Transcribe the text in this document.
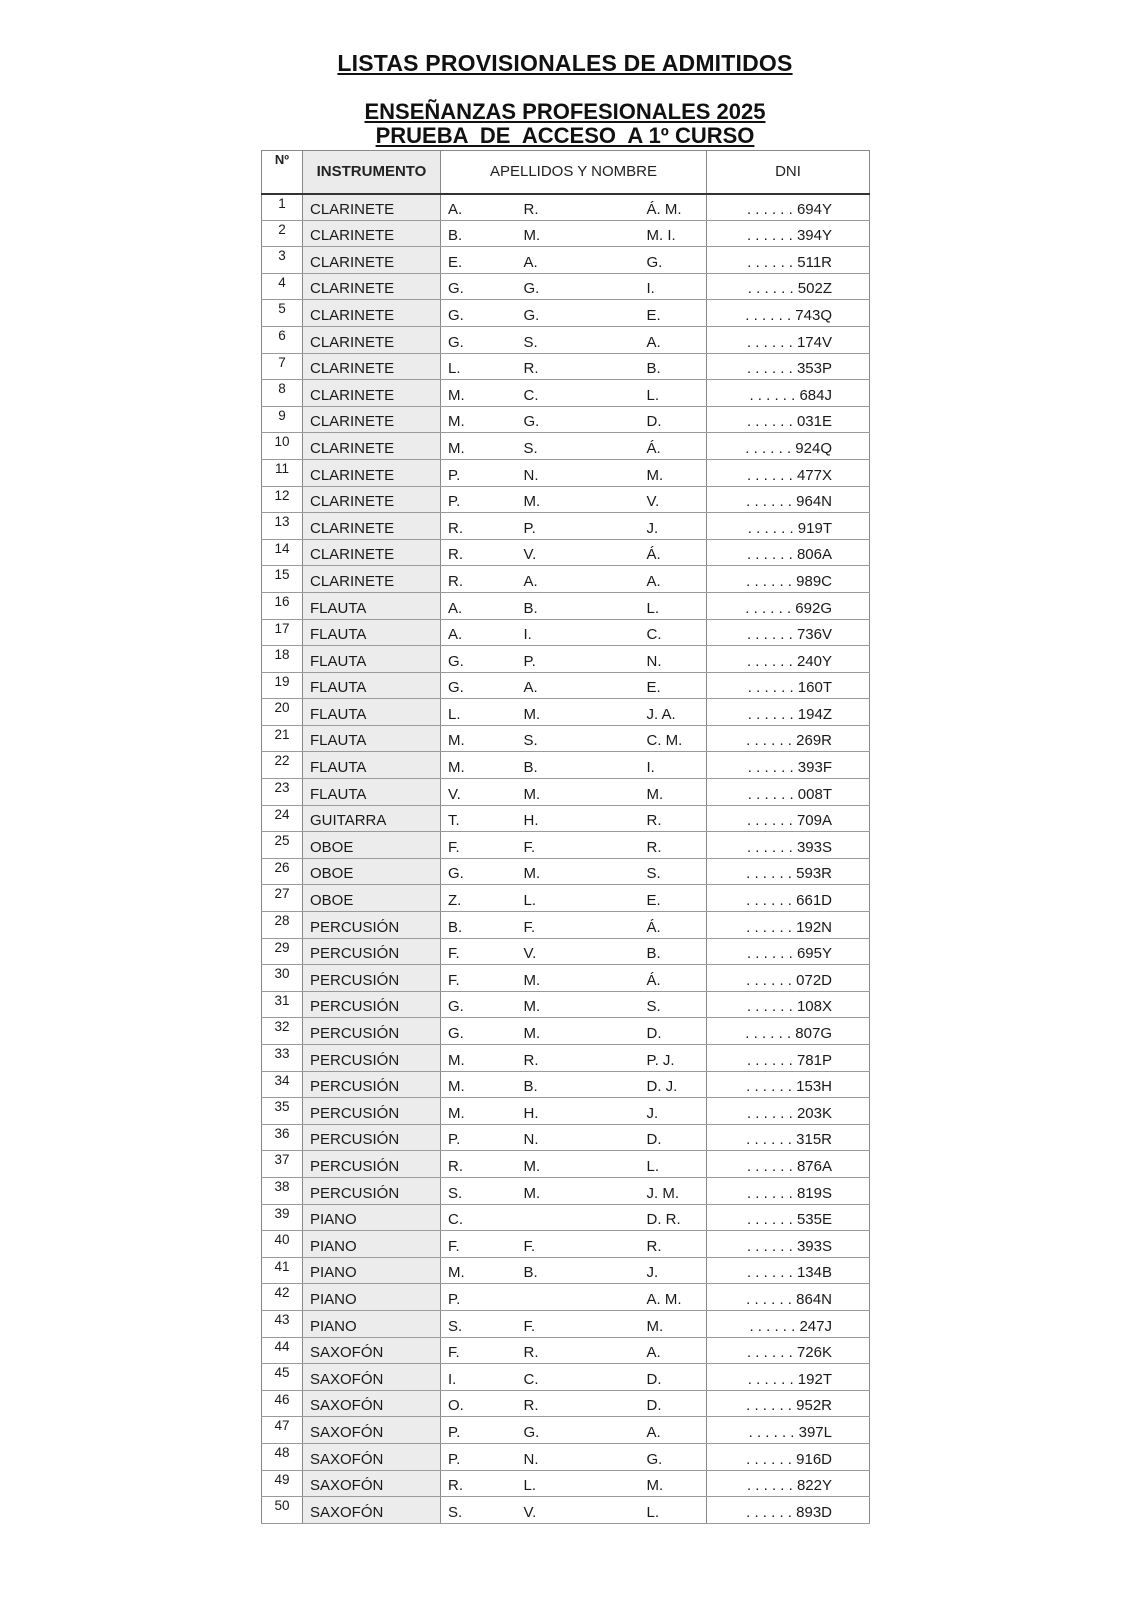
LISTAS PROVISIONALES DE ADMITIDOS
ENSEÑANZAS PROFESIONALES 2025
PRUEBA  DE  ACCESO  A 1º CURSO
Nº	INSTRUMENTO	APELLIDOS Y NOMBRE			DNI
1	CLARINETE	A.	R.	Á. M.	. . . . . . 694Y
2	CLARINETE	B.	M.	M. I.	. . . . . . 394Y
3	CLARINETE	E.	A.	G.	. . . . . . 511R
4	CLARINETE	G.	G.	I.	. . . . . . 502Z
5	CLARINETE	G.	G.	E.	. . . . . . 743Q
6	CLARINETE	G.	S.	A.	. . . . . . 174V
7	CLARINETE	L.	R.	B.	. . . . . . 353P
8	CLARINETE	M.	C.	L.	. . . . . . 684J
9	CLARINETE	M.	G.	D.	. . . . . . 031E
10	CLARINETE	M.	S.	Á.	. . . . . . 924Q
11	CLARINETE	P.	N.	M.	. . . . . . 477X
12	CLARINETE	P.	M.	V.	. . . . . . 964N
13	CLARINETE	R.	P.	J.	. . . . . . 919T
14	CLARINETE	R.	V.	Á.	. . . . . . 806A
15	CLARINETE	R.	A.	A.	. . . . . . 989C
16	FLAUTA	A.	B.	L.	. . . . . . 692G
17	FLAUTA	A.	I.	C.	. . . . . . 736V
18	FLAUTA	G.	P.	N.	. . . . . . 240Y
19	FLAUTA	G.	A.	E.	. . . . . . 160T
20	FLAUTA	L.	M.	J. A.	. . . . . . 194Z
21	FLAUTA	M.	S.	C. M.	. . . . . . 269R
22	FLAUTA	M.	B.	I.	. . . . . . 393F
23	FLAUTA	V.	M.	M.	. . . . . . 008T
24	GUITARRA	T.	H.	R.	. . . . . . 709A
25	OBOE	F.	F.	R.	. . . . . . 393S
26	OBOE	G.	M.	S.	. . . . . . 593R
27	OBOE	Z.	L.	E.	. . . . . . 661D
28	PERCUSIÓN	B.	F.	Á.	. . . . . . 192N
29	PERCUSIÓN	F.	V.	B.	. . . . . . 695Y
30	PERCUSIÓN	F.	M.	Á.	. . . . . . 072D
31	PERCUSIÓN	G.	M.	S.	. . . . . . 108X
32	PERCUSIÓN	G.	M.	D.	. . . . . . 807G
33	PERCUSIÓN	M.	R.	P. J.	. . . . . . 781P
34	PERCUSIÓN	M.	B.	D. J.	. . . . . . 153H
35	PERCUSIÓN	M.	H.	J.	. . . . . . 203K
36	PERCUSIÓN	P.	N.	D.	. . . . . . 315R
37	PERCUSIÓN	R.	M.	L.	. . . . . . 876A
38	PERCUSIÓN	S.	M.	J. M.	. . . . . . 819S
39	PIANO	C.		D. R.	. . . . . . 535E
40	PIANO	F.	F.	R.	. . . . . . 393S
41	PIANO	M.	B.	J.	. . . . . . 134B
42	PIANO	P.		A. M.	. . . . . . 864N
43	PIANO	S.	F.	M.	. . . . . . 247J
44	SAXOFÓN	F.	R.	A.	. . . . . . 726K
45	SAXOFÓN	I.	C.	D.	. . . . . . 192T
46	SAXOFÓN	O.	R.	D.	. . . . . . 952R
47	SAXOFÓN	P.	G.	A.	. . . . . . 397L
48	SAXOFÓN	P.	N.	G.	. . . . . . 916D
49	SAXOFÓN	R.	L.	M.	. . . . . . 822Y
50	SAXOFÓN	S.	V.	L.	. . . . . . 893D
